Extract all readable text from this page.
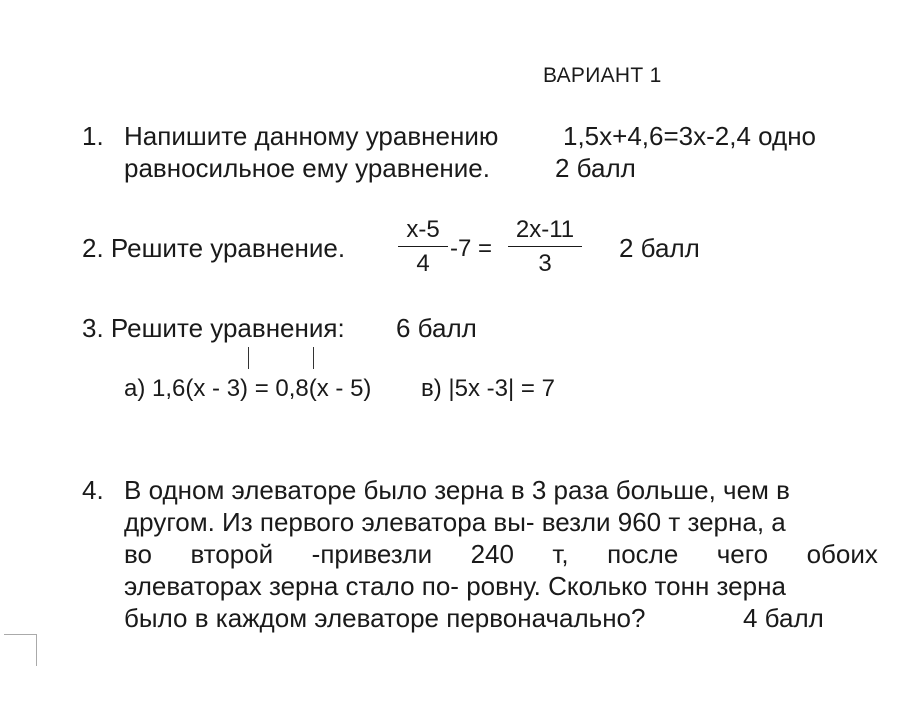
ВАРИАНТ 1
1. Напишите данному уравнению 1,5х+4,6=3х-2,4 одно
равносильное ему уравнение.	2 балл
2. Решите уравнение.
х-5
4
-7 =
2х-11
3
2 балл
3. Решите уравнения: 6 балл
а) 1,6(х - 3) = 0,8(х - 5) в) |5х -3| = 7
4. В одном элеваторе было зерна в 3 раза больше, чем в
другом. Из первого элеватора вы- везли 960 т зерна, а
во второй -привезли 240 т, после чего обоих
элеваторах зерна стало по- ровну. Сколько тонн зерна
было в каждом элеваторе первоначально?	4 балл
